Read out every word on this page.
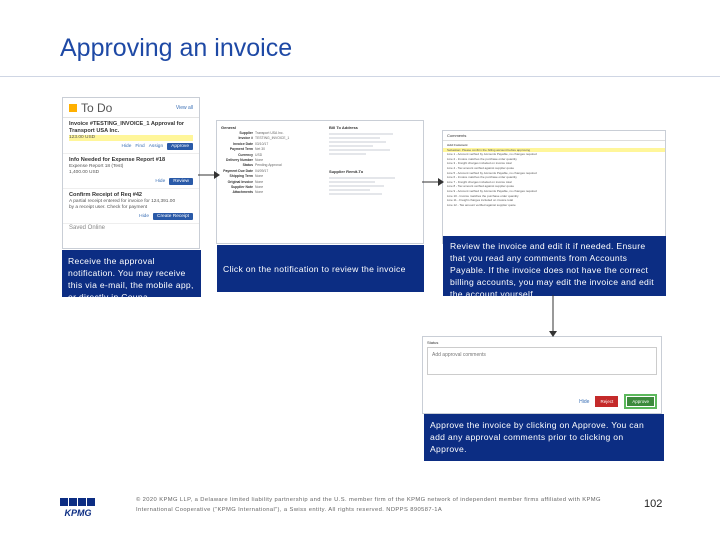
Approving an invoice
To Do	View all
Invoice #TESTING_INVOICE_1 Approval for Transport USA Inc.
123.00 USD
Hide Find Assign	Approve
Info Needed for Expense Report #18
Expense Report 18 (Test)
1,400.00 USD
Hide	Review
Confirm Receipt of Req #42
A partial receipt entered for invoice for 124,391.00
by a receipt user. Check for payment
Hide	Create Receipt
Saved Online
General
Supplier Transport USA Inc.
Invoice # TESTING_INVOICE_1
Invoice Date 03/10/17
Payment Term Net 30
Currency USD
Delivery Number None
Status Pending Approval
Payment Due Date 04/09/17
Shipping Term None
Original Invoice None
Supplier Note None
Attachments None
Bill To Address
Supplier Remit-To
Comments
Add Comment
Sebastian: Please confirm the billing account before approving
Line 1 - Account verified by Accounts Payable, no changes required
Line 2 - Invoice matches the purchase order quantity
Line 3 - Freight charges included on invoice total
Line 4 - Tax amount verified against supplier quote
Line 5 - Account verified by Accounts Payable, no changes required
Line 6 - Invoice matches the purchase order quantity
Line 7 - Freight charges included on invoice total
Line 8 - Tax amount verified against supplier quote
Line 9 - Account verified by Accounts Payable, no changes required
Line 10 - Invoice matches the purchase order quantity
Line 11 - Freight charges included on invoice total
Line 12 - Tax amount verified against supplier quote
Status
Add approval comments
Hide	Reject	Approve
Receive the approval notification. You may receive this via e-mail, the mobile app, or directly in Coupa.
Click on the notification to review the invoice
Review the invoice and edit it if needed. Ensure that you read any comments from Accounts Payable. If the invoice does not have the correct billing accounts, you may edit the invoice and edit the account yourself.
Approve the invoice by clicking on Approve. You can add any approval comments prior to clicking on Approve.
KPMG
© 2020 KPMG LLP, a Delaware limited liability partnership and the U.S. member firm of the KPMG network of independent member firms affiliated with KPMG International Cooperative (“KPMG International”), a Swiss entity. All rights reserved. NDPPS 890587-1A	102
